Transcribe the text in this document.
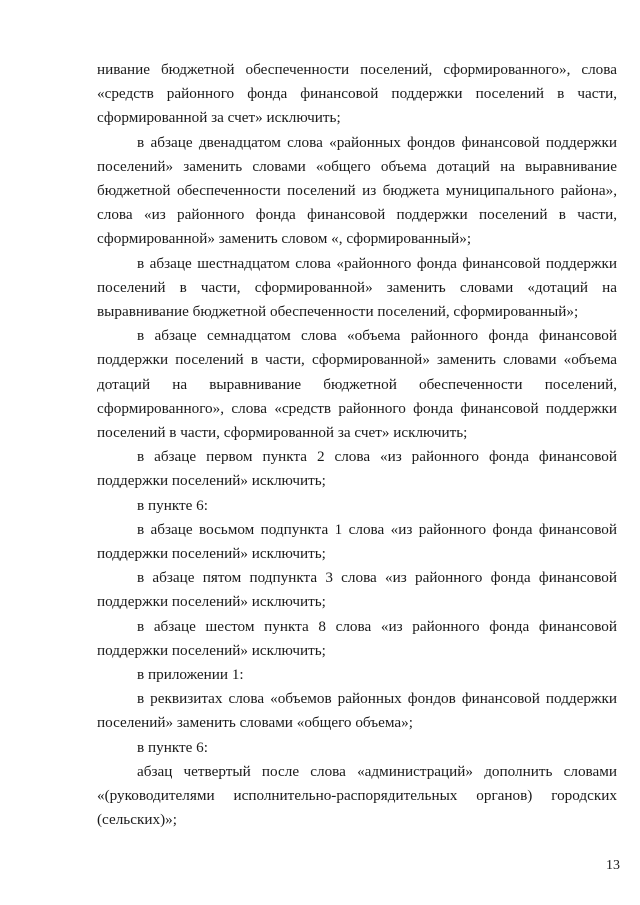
нивание бюджетной обеспеченности поселений, сформированного», слова «средств районного фонда финансовой поддержки поселений в части, сформированной за счет» исключить;

в абзаце двенадцатом слова «районных фондов финансовой поддержки поселений» заменить словами «общего объема дотаций на выравнивание бюджетной обеспеченности поселений из бюджета муниципального района», слова «из районного фонда финансовой поддержки поселений в части, сформированной» заменить словом «, сформированный»;

в абзаце шестнадцатом слова «районного фонда финансовой поддержки поселений в части, сформированной» заменить словами «дотаций на выравнивание бюджетной обеспеченности поселений, сформированный»;

в абзаце семнадцатом слова «объема районного фонда финансовой поддержки поселений в части, сформированной» заменить словами «объема дотаций на выравнивание бюджетной обеспеченности поселений, сформированного», слова «средств районного фонда финансовой поддержки поселений в части, сформированной за счет» исключить;

в абзаце первом пункта 2 слова «из районного фонда финансовой поддержки поселений» исключить;

в пункте 6:

в абзаце восьмом подпункта 1 слова «из районного фонда финансовой поддержки поселений» исключить;

в абзаце пятом подпункта 3 слова «из районного фонда финансовой поддержки поселений» исключить;

в абзаце шестом пункта 8 слова «из районного фонда финансовой поддержки поселений» исключить;

в приложении 1:

в реквизитах слова «объемов районных фондов финансовой поддержки поселений» заменить словами «общего объема»;

в пункте 6:

абзац четвертый после слова «администраций» дополнить словами «(руководителями исполнительно-распорядительных органов) городских (сельских)»;

13
